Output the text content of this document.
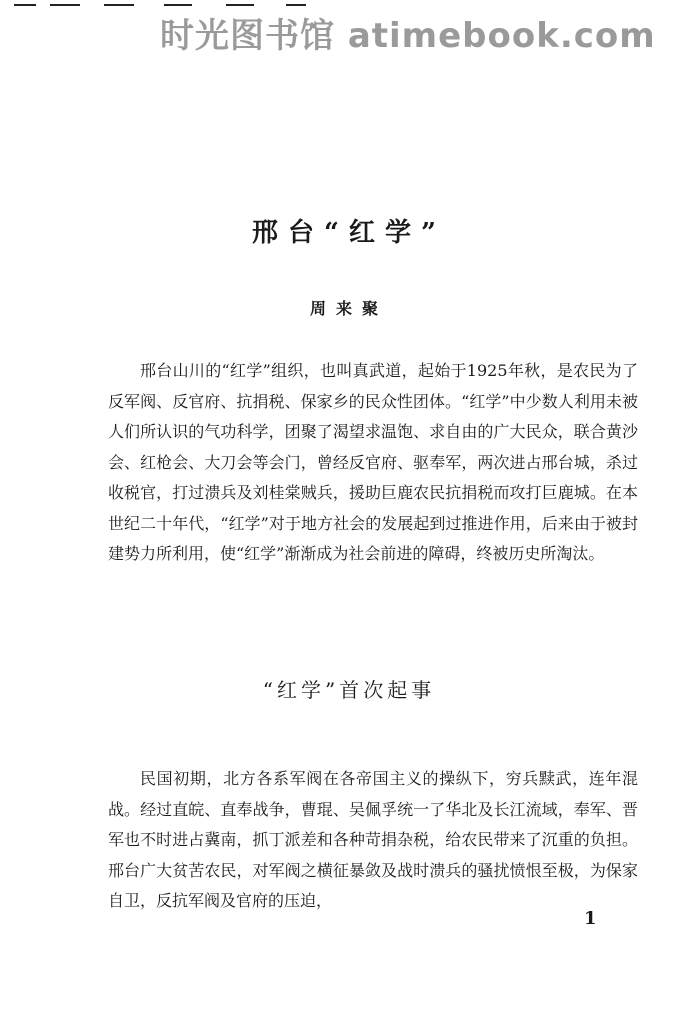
时光图书馆 atimebook.com
邢台“红学”
周来聚

邢台山川的“红学”组织，也叫真武道，起始于1925年秋，是农民为了反军阀、反官府、抗捐税、保家乡的民众性团体。“红学”中少数人利用未被人们所认识的气功科学，团聚了渴望求温饱、求自由的广大民众，联合黄沙会、红枪会、大刀会等会门，曾经反官府、驱奉军，两次进占邢台城，杀过收税官，打过溃兵及刘桂棠贼兵，援助巨鹿农民抗捐税而攻打巨鹿城。在本世纪二十年代，“红学”对于地方社会的发展起到过推进作用，后来由于被封建势力所利用，使“红学”渐渐成为社会前进的障碍，终被历史所淘汰。

“红学”首次起事

民国初期，北方各系军阀在各帝国主义的操纵下，穷兵黩武，连年混战。经过直皖、直奉战争，曹琨、吴佩孚统一了华北及长江流域，奉军、晋军也不时进占冀南，抓丁派差和各种苛捐杂税，给农民带来了沉重的负担。邢台广大贫苦农民，对军阀之横征暴敛及战时溃兵的骚扰愤恨至极，为保家自卫，反抗军阀及官府的压迫，

1
